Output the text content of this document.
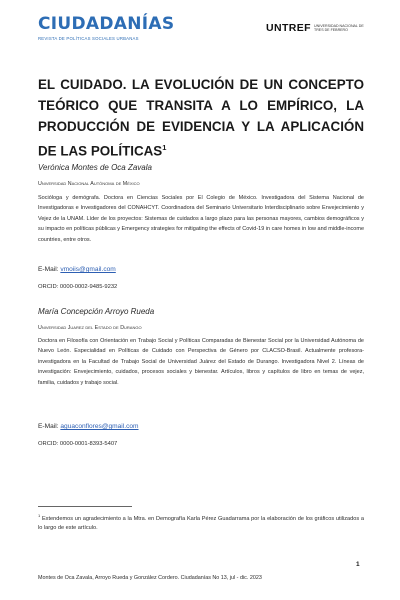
CIUDADANÍAS
REVISTA DE POLÍTICAS SOCIALES URBANAS
UNTREF UNIVERSIDAD NACIONAL DE TRES DE FEBRERO
EL CUIDADO. LA EVOLUCIÓN DE UN CONCEPTO TEÓRICO QUE TRANSITA A LO EMPÍRICO, LA PRODUCCIÓN DE EVIDENCIA Y LA APLICACIÓN DE LAS POLÍTICAS$^1$
Verónica Montes de Oca Zavala
Universidad Nacional Autónoma de México

Socióloga y demógrafa. Doctora en Ciencias Sociales por El Colegio de México. Investigadora del Sistema Nacional de Investigadoras e Investigadores del CONAHCYT. Coordinadora del Seminario Universitario Interdisciplinario sobre Envejecimiento y Vejez de la UNAM. Líder de los proyectos: Sistemas de cuidados a largo plazo para las personas mayores, cambios demográficos y su impacto en políticas públicas y Emergency strategies for mitigating the effects of Covid-19 in care homes in low and middle-income countries, entre otros.

E-Mail: vmoiis@gmail.com
ORCID: 0000-0002-9485-9232
María Concepción Arroyo Rueda
Universidad Juarez del Estado de Durango

Doctora en Filosofía con Orientación en Trabajo Social y Políticas Comparadas de Bienestar Social por la Universidad Autónoma de Nuevo León. Especialidad en Políticas de Cuidado con Perspectiva de Género por CLACSO-Brasil. Actualmente profesora-investigadora en la Facultad de Trabajo Social de Universidad Juárez del Estado de Durango. Investigadora Nivel 2. Líneas de investigación: Envejecimiento, cuidados, procesos sociales y bienestar. Artículos, libros y capítulos de libro en temas de vejez, familia, cuidados y trabajo social.

E-Mail: aguaconflores@gmail.com
ORCID: 0000-0001-8393-5407

$^1$ Extendemos un agradecimiento a la Mtra. en Demografía Karla Pérez Guadarrama por la elaboración de los gráficos utilizados a lo largo de este artículo.

1
Montes de Oca Zavala, Arroyo Rueda y González Cordero. Ciudadanías No 13, jul - dic. 2023
